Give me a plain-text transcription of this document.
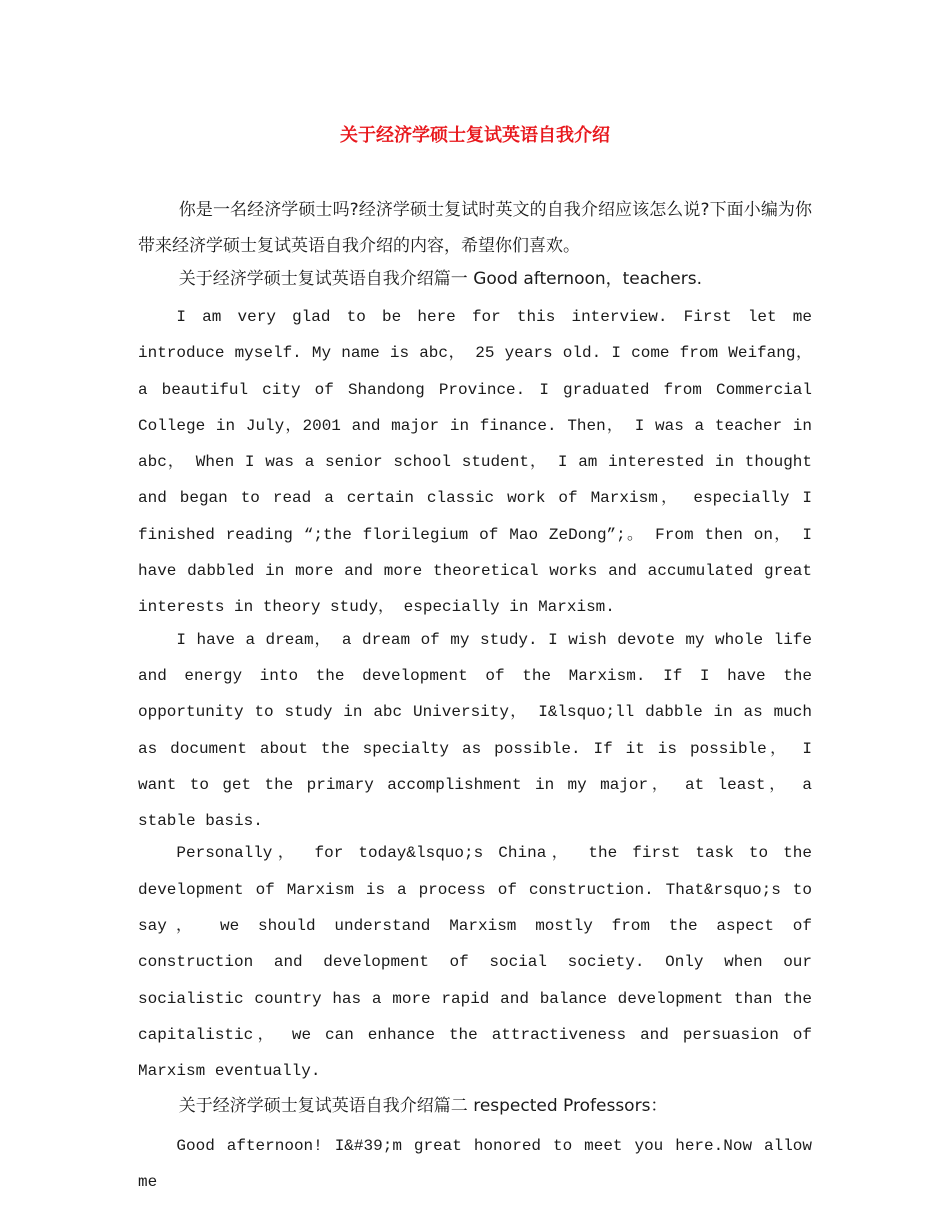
关于经济学硕士复试英语自我介绍

你是一名经济学硕士吗?经济学硕士复试时英文的自我介绍应该怎么说?下面小编为你带来经济学硕士复试英语自我介绍的内容，希望你们喜欢。

关于经济学硕士复试英语自我介绍篇一 Good afternoon，teachers.

I am very glad to be here for this interview. First let me introduce myself. My name is abc， 25 years old. I come from Weifang， a beautiful city of Shandong Province. I graduated from Commercial College in July，2001 and major in finance. Then， I was a teacher in abc， When I was a senior school student， I am interested in thought and began to read a certain classic work of Marxism， especially I finished reading “;the florilegium of Mao ZeDong”;。 From then on， I have dabbled in more and more theoretical works and accumulated great interests in theory study， especially in Marxism.

I have a dream， a dream of my study. I wish devote my whole life and energy into the development of the Marxism. If I have the opportunity to study in abc University， I&lsquo;ll dabble in as much as document about the specialty as possible. If it is possible， I want to get the primary accomplishment in my major， at least， a stable basis.

Personally， for today&lsquo;s China， the first task to the development of Marxism is a process of construction. That&rsquo;s to say， we should understand Marxism mostly from the aspect of construction and development of social society. Only when our socialistic country has a more rapid and balance development than the capitalistic， we can enhance the attractiveness and persuasion of Marxism eventually.

关于经济学硕士复试英语自我介绍篇二 respected Professors：

Good afternoon! I&#39;m great honored to meet you here.Now allow me
